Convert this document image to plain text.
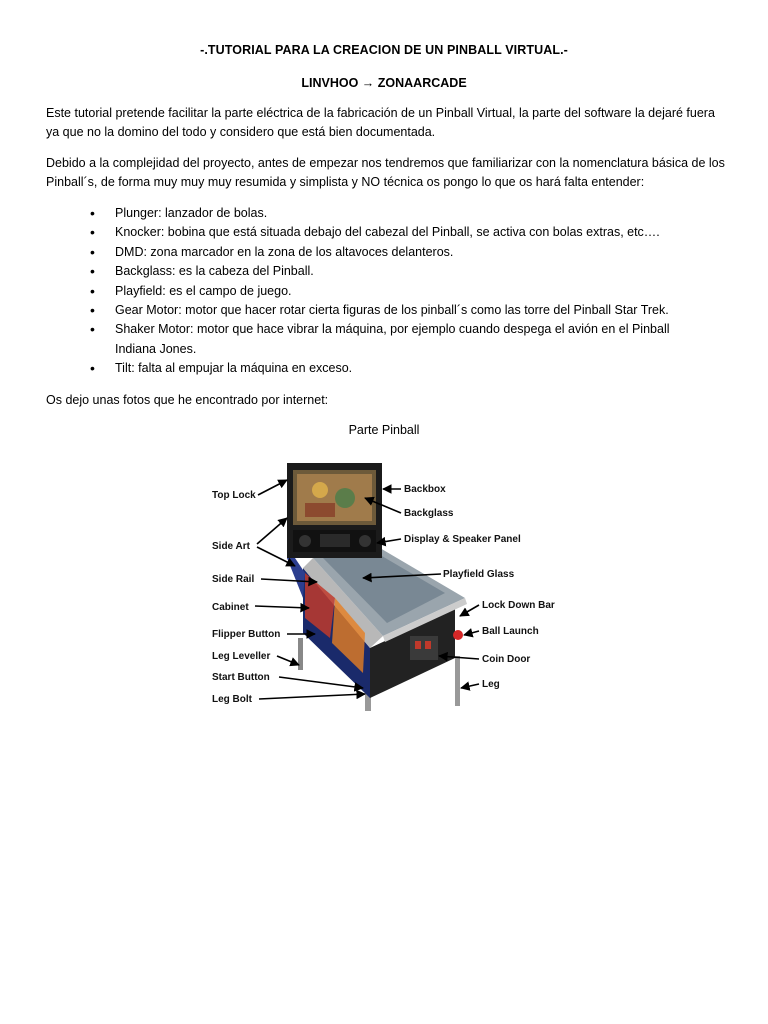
-.TUTORIAL PARA LA CREACION DE UN PINBALL VIRTUAL.-
LINVHOO → ZONAARCADE
Este tutorial pretende facilitar la parte eléctrica de la fabricación de un Pinball Virtual, la parte del software la dejaré fuera ya que no la domino del todo y considero que está bien documentada.
Debido a la complejidad del proyecto, antes de empezar nos tendremos que familiarizar con la nomenclatura básica de los Pinball´s, de forma muy muy muy resumida y simplista y NO técnica os pongo lo que os hará falta entender:
• Plunger: lanzador de bolas.
• Knocker: bobina que está situada debajo del cabezal del Pinball, se activa con bolas extras, etc….
• DMD: zona marcador en la zona de los altavoces delanteros.
• Backglass: es la cabeza del Pinball.
• Playfield: es el campo de juego.
• Gear Motor: motor que hacer rotar cierta figuras de los pinball´s como las torre del Pinball Star Trek.
• Shaker Motor: motor que hace vibrar la máquina, por ejemplo cuando despega el avión en el Pinball Indiana Jones.
• Tilt: falta al empujar la máquina en exceso.
Os dejo unas fotos que he encontrado por internet:
Parte Pinball
Top Lock
Side Art
Side Rail
Cabinet
Flipper Button
Leg Leveller
Start Button
Leg Bolt
Backbox
Backglass
Display & Speaker Panel
Playfield Glass
Lock Down Bar
Ball Launch
Coin Door
Leg
